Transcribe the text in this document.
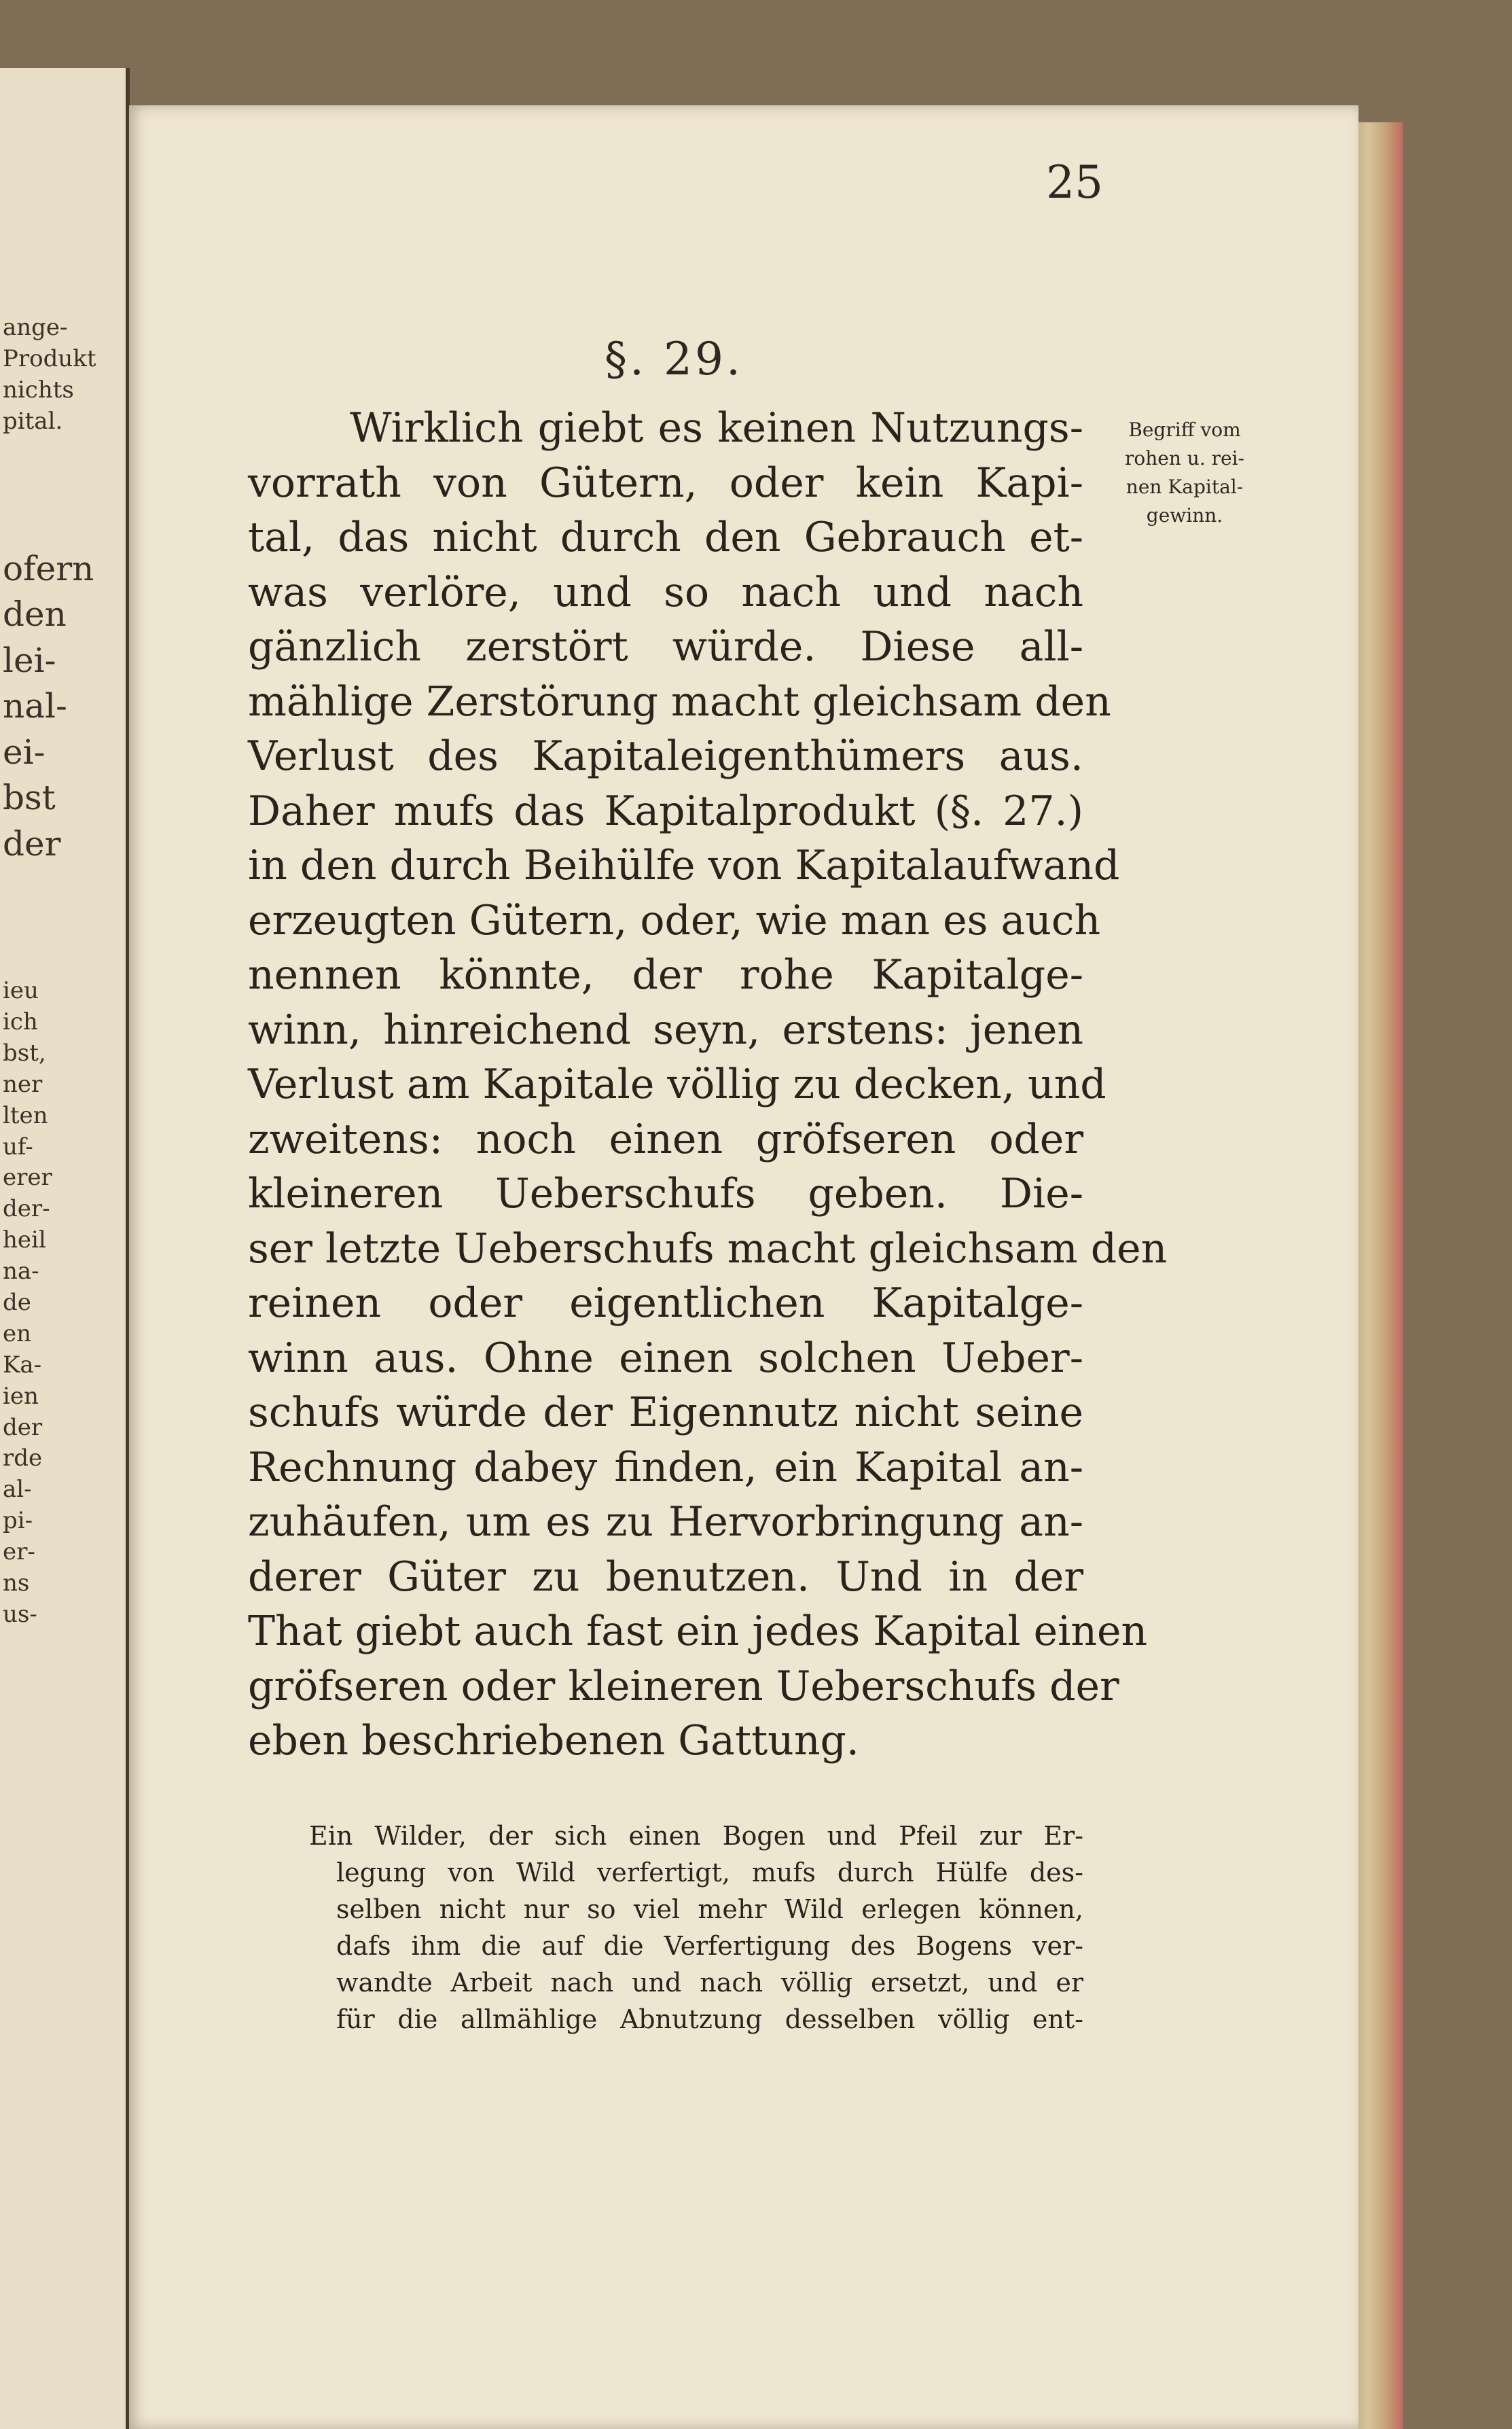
ange-
Produkt
nichts
pital.
ofern
den
lei-
nal-
ei-
bst
der
ieu
ich
bst,
ner
lten
uf-
erer
der-
heil
na-
de
en
Ka-
ien
der
rde
al-
pi-
er-
ns
us-
25
§. 29.
Wirklich giebt es keinen Nutzungs-
vorrath von Gütern, oder kein Kapi-
tal, das nicht durch den Gebrauch et-
was verlöre, und so nach und nach
gänzlich zerstört würde. Diese all-
mählige Zerstörung macht gleichsam den
Verlust des Kapitaleigenthümers aus.
Daher mufs das Kapitalprodukt (§. 27.)
in den durch Beihülfe von Kapitalaufwand
erzeugten Gütern, oder, wie man es auch
nennen könnte, der rohe Kapitalge-
winn, hinreichend seyn, erstens: jenen
Verlust am Kapitale völlig zu decken, und
zweitens: noch einen gröfseren oder
kleineren Ueberschufs geben. Die-
ser letzte Ueberschufs macht gleichsam den
reinen oder eigentlichen Kapitalge-
winn aus. Ohne einen solchen Ueber-
schufs würde der Eigennutz nicht seine
Rechnung dabey finden, ein Kapital an-
zuhäufen, um es zu Hervorbringung an-
derer Güter zu benutzen. Und in der
That giebt auch fast ein jedes Kapital einen
gröfseren oder kleineren Ueberschufs der
eben beschriebenen Gattung.
Begriff vom
rohen u. rei-
nen Kapital-
gewinn.
Ein Wilder, der sich einen Bogen und Pfeil zur Er-
legung von Wild verfertigt, mufs durch Hülfe des-
selben nicht nur so viel mehr Wild erlegen können,
dafs ihm die auf die Verfertigung des Bogens ver-
wandte Arbeit nach und nach völlig ersetzt, und er
für die allmählige Abnutzung desselben völlig ent-
